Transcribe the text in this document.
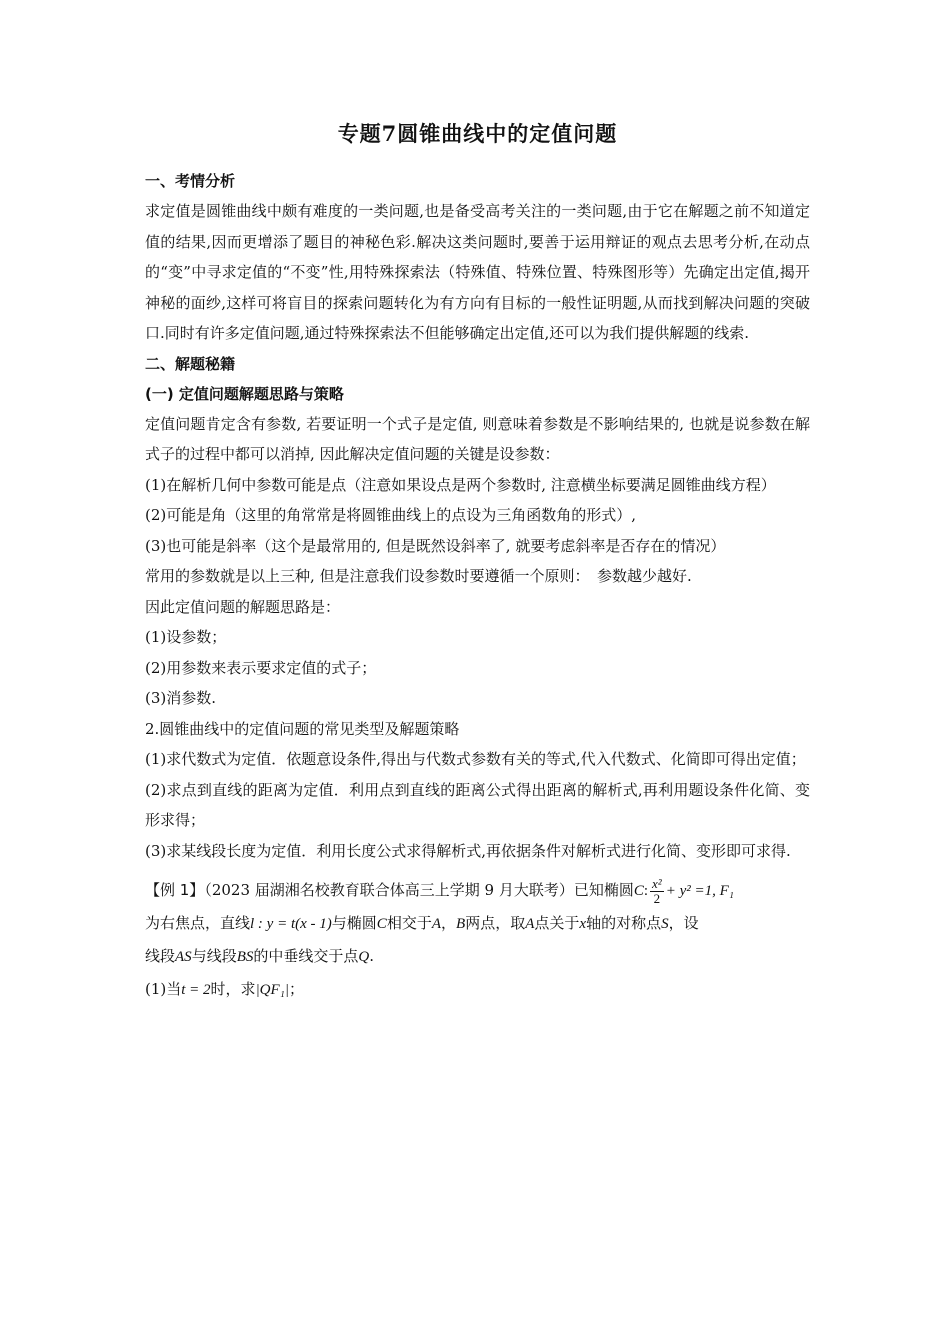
专题7圆锥曲线中的定值问题
一、考情分析

求定值是圆锥曲线中颇有难度的一类问题,也是备受高考关注的一类问题,由于它在解题之前不知道定值的结果,因而更增添了题目的神秘色彩.解决这类问题时,要善于运用辩证的观点去思考分析,在动点的“变”中寻求定值的“不变”性,用特殊探索法（特殊值、特殊位置、特殊图形等）先确定出定值,揭开神秘的面纱,这样可将盲目的探索问题转化为有方向有目标的一般性证明题,从而找到解决问题的突破口.同时有许多定值问题,通过特殊探索法不但能够确定出定值,还可以为我们提供解题的线索.

二、解题秘籍
(一) 定值问题解题思路与策略

定值问题肯定含有参数, 若要证明一个式子是定值, 则意味着参数是不影响结果的, 也就是说参数在解式子的过程中都可以消掉, 因此解决定值问题的关键是设参数：

(1)在解析几何中参数可能是点（注意如果设点是两个参数时, 注意横坐标要满足圆锥曲线方程）

(2)可能是角（这里的角常常是将圆锥曲线上的点设为三角函数角的形式）,

(3)也可能是斜率（这个是最常用的, 但是既然设斜率了, 就要考虑斜率是否存在的情况）

常用的参数就是以上三种, 但是注意我们设参数时要遵循一个原则：　参数越少越好.

因此定值问题的解题思路是：

(1)设参数；

(2)用参数来表示要求定值的式子；

(3)消参数.

2.圆锥曲线中的定值问题的常见类型及解题策略

(1)求代数式为定值．依题意设条件,得出与代数式参数有关的等式,代入代数式、化简即可得出定值；

(2)求点到直线的距离为定值．利用点到直线的距离公式得出距离的解析式,再利用题设条件化简、变形求得；

(3)求某线段长度为定值．利用长度公式求得解析式,再依据条件对解析式进行化简、变形即可求得.

【例 1】（2023 届湖湘名校教育联合体高三上学期 9 月大联考）已知椭圆C: $\frac{\text{x²}}{2} + y^2 =1$, F₁
为右焦点，直线l : y = t(x - 1)与椭圆C相交于A，B两点，取A点关于x轴的对称点S，设
线段AS与线段BS的中垂线交于点Q.
(1)当t = 2时，求|QF₁|；
